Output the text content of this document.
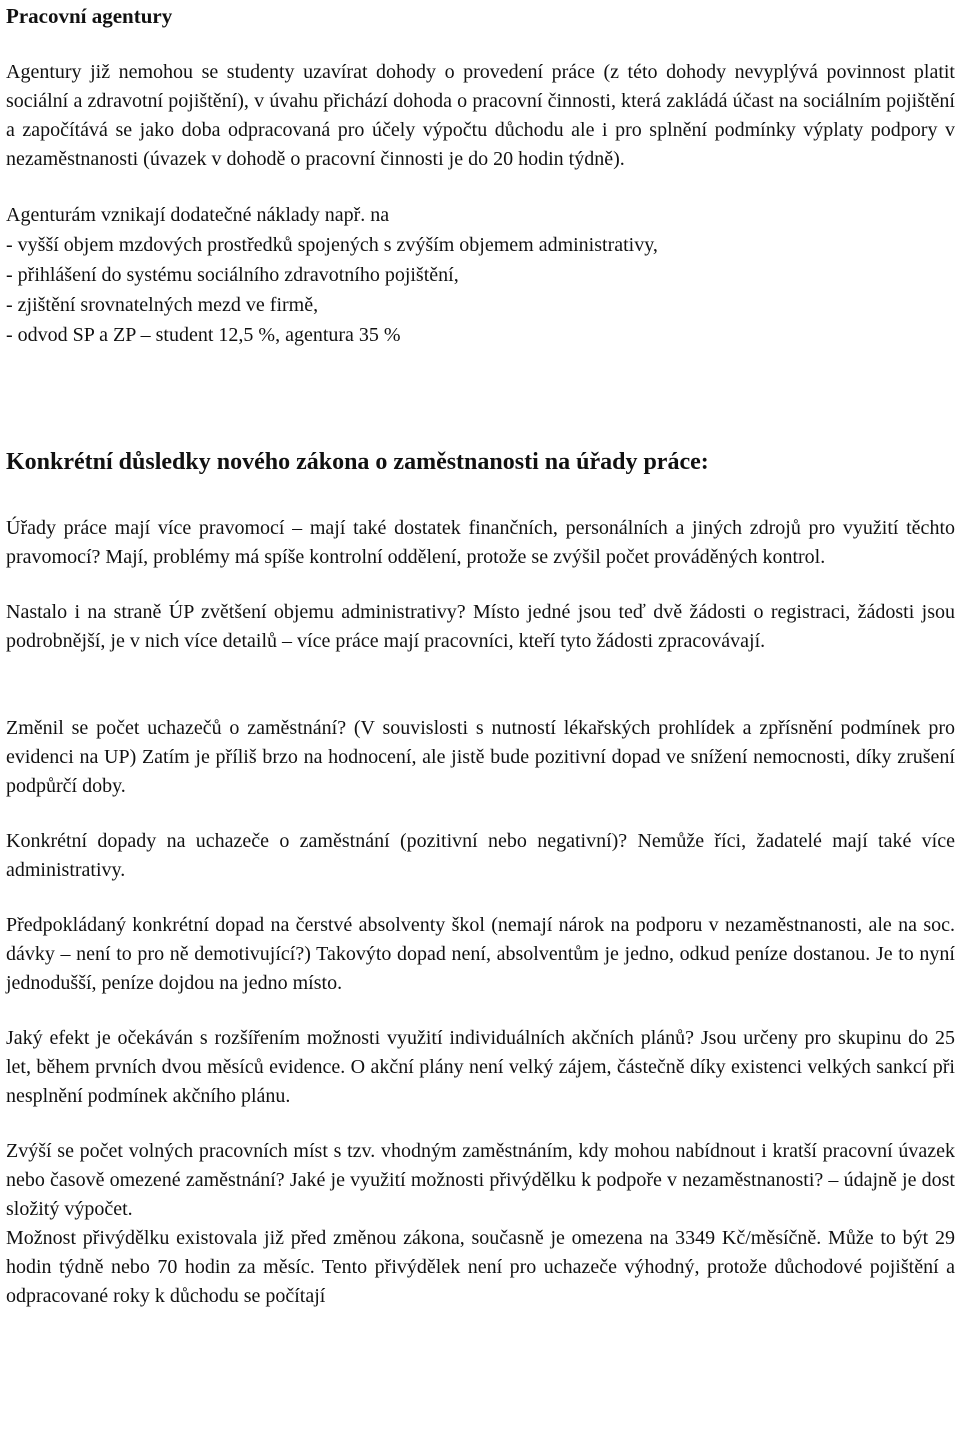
Pracovní agentury

Agentury již nemohou se studenty uzavírat dohody o provedení práce (z této dohody nevyplývá povinnost platit sociální a zdravotní pojištění), v úvahu přichází dohoda o pracovní činnosti, která zakládá účast na sociálním pojištění a započítává se jako doba odpracovaná pro účely výpočtu důchodu ale i pro splnění podmínky výplaty podpory v nezaměstnanosti (úvazek v dohodě o pracovní činnosti je do 20 hodin týdně).

Agenturám vznikají dodatečné náklady např. na
- vyšší objem mzdových prostředků spojených s zvýším objemem administrativy,
- přihlášení do systému sociálního zdravotního pojištění,
- zjištění srovnatelných mezd ve firmě,
- odvod SP a ZP – student 12,5 %, agentura 35 %
Konkrétní důsledky nového zákona o zaměstnanosti na úřady práce:

Úřady práce mají více pravomocí – mají také dostatek finančních, personálních a jiných zdrojů pro využití těchto pravomocí? Mají, problémy má spíše kontrolní oddělení, protože se zvýšil počet prováděných kontrol.

Nastalo i na straně ÚP zvětšení objemu administrativy? Místo jedné jsou teď dvě žádosti o registraci, žádosti jsou podrobnější, je v nich více detailů – více práce mají pracovníci, kteří tyto žádosti zpracovávají.

Změnil se počet uchazečů o zaměstnání? (V souvislosti s nutností lékařských prohlídek a zpřísnění podmínek pro evidenci na UP) Zatím je příliš brzo na hodnocení, ale jistě bude pozitivní dopad ve snížení nemocnosti, díky zrušení podpůrčí doby.

Konkrétní dopady na uchazeče o zaměstnání (pozitivní nebo negativní)? Nemůže říci, žadatelé mají také více administrativy.

Předpokládaný konkrétní dopad na čerstvé absolventy škol (nemají nárok na podporu v nezaměstnanosti, ale na soc. dávky – není to pro ně demotivující?) Takovýto dopad není, absolventům je jedno, odkud peníze dostanou. Je to nyní jednodušší, peníze dojdou na jedno místo.

Jaký efekt je očekáván s rozšířením možnosti využití individuálních akčních plánů? Jsou určeny pro skupinu do 25 let, během prvních dvou měsíců evidence. O akční plány není velký zájem, částečně díky existenci velkých sankcí při nesplnění podmínek akčního plánu.

Zvýší se počet volných pracovních míst s tzv. vhodným zaměstnáním, kdy mohou nabídnout i kratší pracovní úvazek nebo časově omezené zaměstnání? Jaké je využití možnosti přivýdělku k podpoře v nezaměstnanosti? – údajně je dost složitý výpočet.

Možnost přivýdělku existovala již před změnou zákona, současně je omezena na 3349 Kč/měsíčně. Může to být 29 hodin týdně nebo 70 hodin za měsíc. Tento přivýdělek není pro uchazeče výhodný, protože důchodové pojištění a odpracované roky k důchodu se počítají
